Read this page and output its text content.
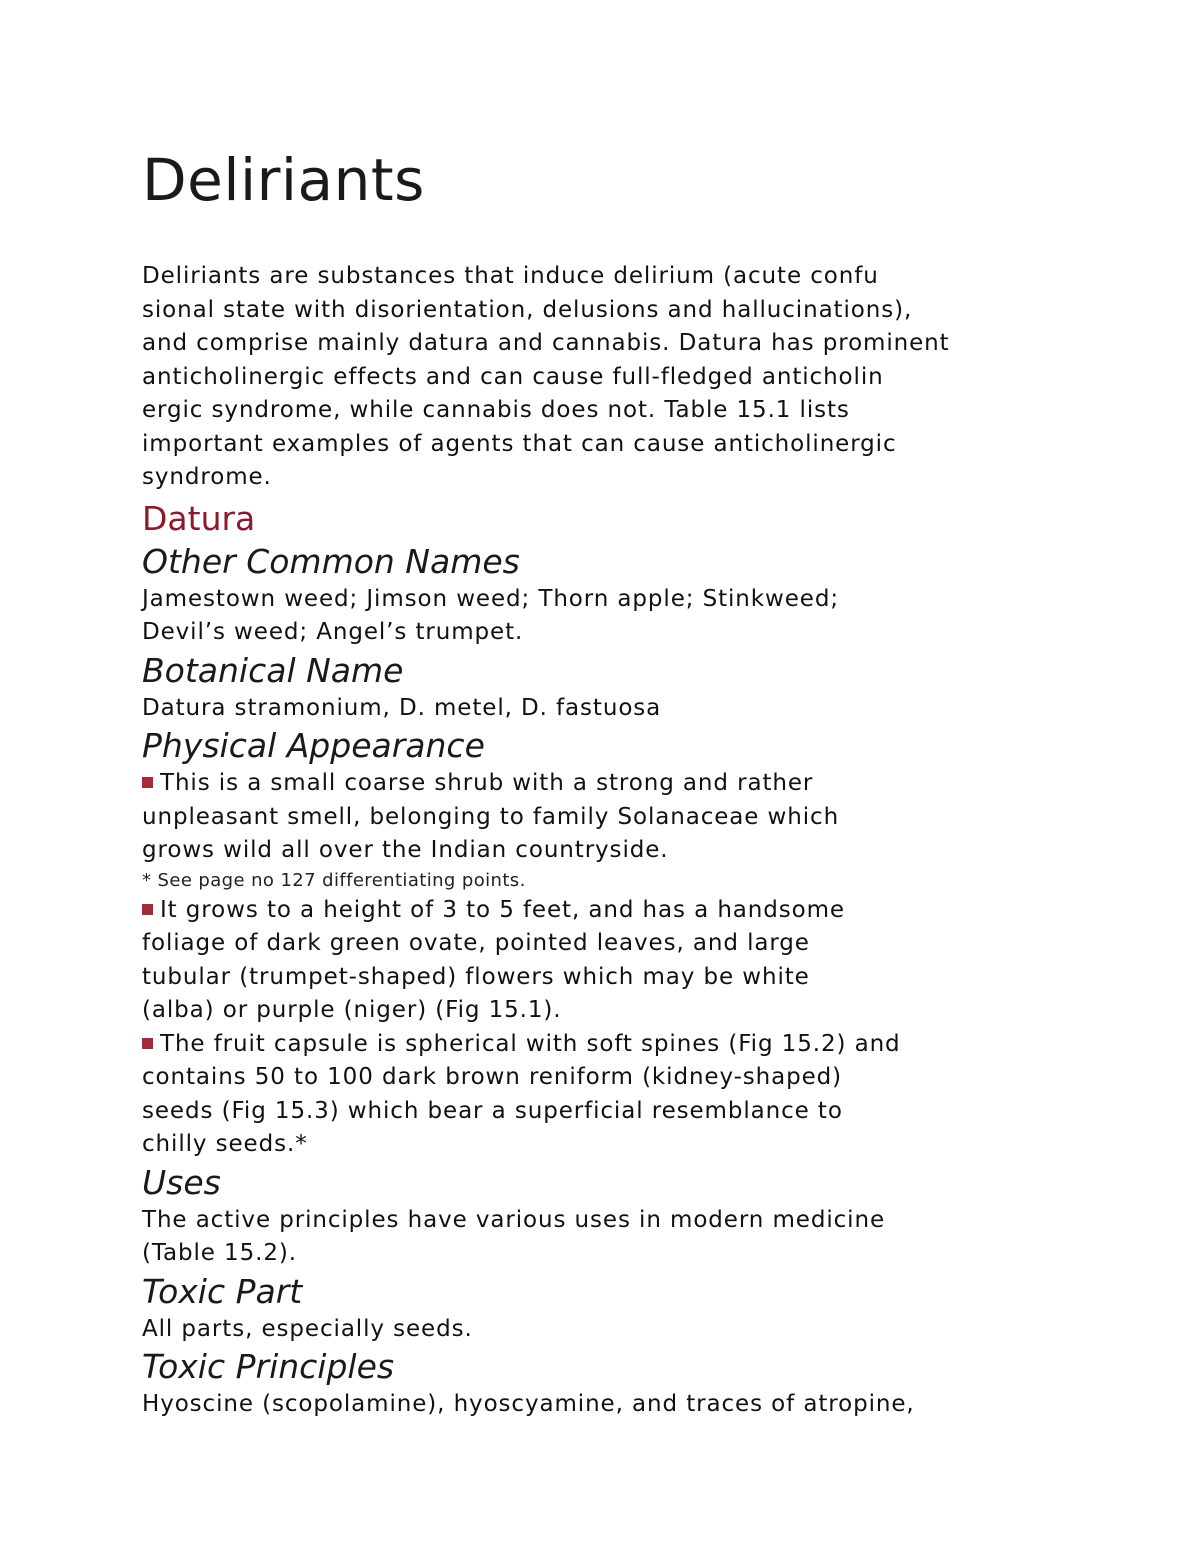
Deliriants

Deliriants are substances that induce delirium (acute confu
sional state with disorientation, delusions and hallucinations),
and comprise mainly datura and cannabis. Datura has prominent
anticholinergic effects and can cause full-fledged anticholin
ergic syndrome, while cannabis does not. Table 15.1 lists
important examples of agents that can cause anticholinergic
syndrome.

Datura
Other Common Names

Jamestown weed; Jimson weed; Thorn apple; Stinkweed;
Devil’s weed; Angel’s trumpet.

Botanical Name

Datura stramonium, D. metel, D. fastuosa

Physical Appearance

This is a small coarse shrub with a strong and rather
unpleasant smell, belonging to family Solanaceae which
grows wild all over the Indian countryside.

* See page no 127 differentiating points.

It grows to a height of 3 to 5 feet, and has a handsome
foliage of dark green ovate, pointed leaves, and large
tubular (trumpet-shaped) flowers which may be white
(alba) or purple (niger) (Fig 15.1).

The fruit capsule is spherical with soft spines (Fig 15.2) and
contains 50 to 100 dark brown reniform (kidney-shaped)
seeds (Fig 15.3) which bear a superficial resemblance to
chilly seeds.*

Uses

The active principles have various uses in modern medicine
(Table 15.2).

Toxic Part

All parts, especially seeds.

Toxic Principles

Hyoscine (scopolamine), hyoscyamine, and traces of atropine,
